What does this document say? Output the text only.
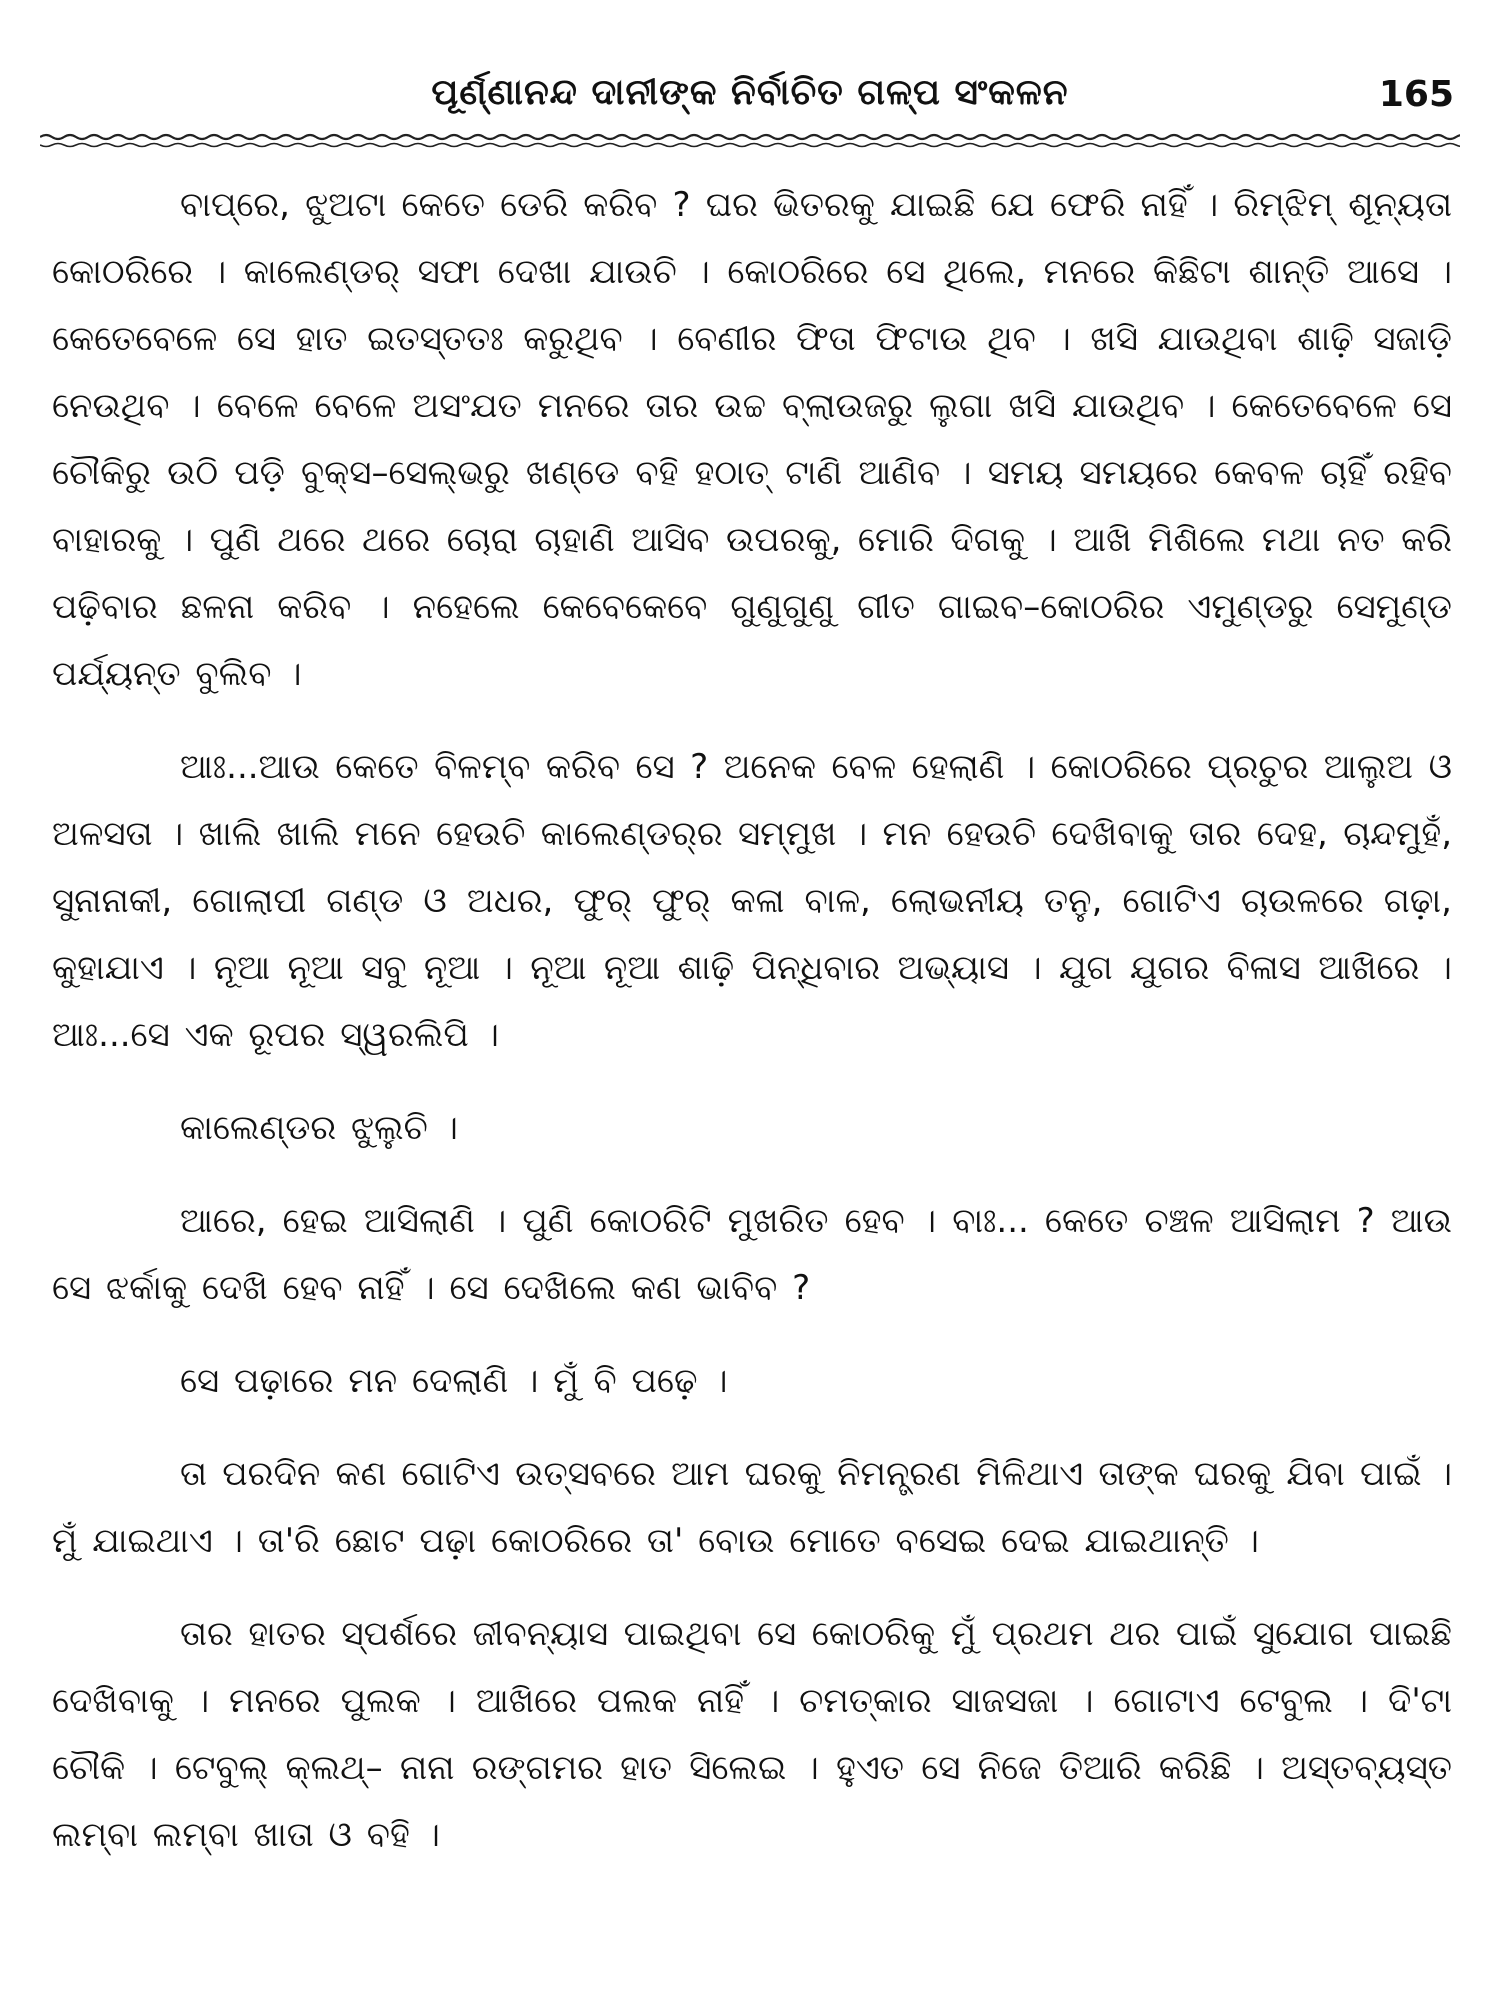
ପୂର୍ଣ୍ଣାନନ୍ଦ ଦାନୀଙ୍କ ନିର୍ବାଚିତ ଗଳ୍ପ ସଂକଳନ	165

ବାପ୍‌ରେ, ଝୁଅଟା କେତେ ଡେରି କରିବ ? ଘର ଭିତରକୁ ଯାଇଛି ଯେ ଫେରି ନାହିଁ । ରିମ୍‌ଝିମ୍ ଶୂନ୍ୟତା କୋଠରିରେ । କାଲେଣ୍ଡର୍ ସଫା ଦେଖା ଯାଉଚି । କୋଠରିରେ ସେ ଥିଲେ, ମନରେ କିଛିଟା ଶାନ୍ତି ଆସେ । କେତେବେଳେ ସେ ହାତ ଇତସ୍ତତଃ କରୁଥିବ । ବେଣୀର ଫିତା ଫିଟାଉ ଥିବ । ଖସି ଯାଉଥିବା ଶାଢ଼ି ସଜାଡ଼ି ନେଉଥିବ । ବେଳେ ବେଳେ ଅସଂଯତ ମନରେ ତାର ଉଚ୍ଚ ବ୍ଲାଉଜରୁ ଲୁଗା ଖସି ଯାଉଥିବ । କେତେବେଳେ ସେ ଚୌକିରୁ ଉଠି ପଡ଼ି ବୁକ୍‌ସ–ସେଲ୍‌ଭରୁ ଖଣ୍ଡେ ବହି ହଠାତ୍ ଟାଣି ଆଣିବ । ସମୟ ସମୟରେ କେବଳ ଚାହିଁ ରହିବ ବାହାରକୁ । ପୁଣି ଥରେ ଥରେ ଚୋରା ଚାହାଣି ଆସିବ ଉପରକୁ, ମୋରି ଦିଗକୁ । ଆଖି ମିଶିଲେ ମଥା ନତ କରି ପଢ଼ିବାର ଛଳନା କରିବ । ନହେଲେ କେବେକେବେ ଗୁଣୁଗୁଣୁ ଗୀତ ଗାଇବ–କୋଠରିର ଏମୁଣ୍ଡରୁ ସେମୁଣ୍ଡ ପର୍ଯ୍ୟନ୍ତ ବୁଲିବ ।

ଆଃ...ଆଉ କେତେ ବିଳମ୍ବ କରିବ ସେ ? ଅନେକ ବେଳ ହେଲାଣି । କୋଠରିରେ ପ୍ରଚୁର ଆଲୁଅ ଓ ଅଳସତା । ଖାଲି ଖାଲି ମନେ ହେଉଚି କାଲେଣ୍ଡର୍‌ର ସମ୍ମୁଖ । ମନ ହେଉଚି ଦେଖିବାକୁ ତାର ଦେହ, ଚାନ୍ଦମୁହଁ, ସୁନାନାକୀ, ଗୋଲାପୀ ଗଣ୍ଡ ଓ ଅଧର, ଫୁର୍ ଫୁର୍ କଳା ବାଳ, ଲୋଭନୀୟ ତନୁ, ଗୋଟିଏ ଚାଉଳରେ ଗଢ଼ା, କୁହାଯାଏ । ନୂଆ ନୂଆ ସବୁ ନୂଆ । ନୂଆ ନୂଆ ଶାଢ଼ି ପିନ୍ଧିବାର ଅଭ୍ୟାସ । ଯୁଗ ଯୁଗର ବିଳାସ ଆଖିରେ । ଆଃ...ସେ ଏକ ରୂପର ସ୍ୱରଲିପି ।

କାଲେଣ୍ଡର ଝୁଲୁଚି ।

ଆରେ, ହେଇ ଆସିଲାଣି । ପୁଣି କୋଠରିଟି ମୁଖରିତ ହେବ । ବାଃ... କେତେ ଚଞ୍ଚଳ ଆସିଲାମ ? ଆଉ ସେ ଝର୍କାକୁ ଦେଖି ହେବ ନାହିଁ । ସେ ଦେଖିଲେ କଣ ଭାବିବ ?

ସେ ପଢ଼ାରେ ମନ ଦେଲାଣି । ମୁଁ ବି ପଢ଼େ ।

ତା ପରଦିନ କଣ ଗୋଟିଏ ଉତ୍ସବରେ ଆମ ଘରକୁ ନିମନ୍ତ୍ରଣ ମିଳିଥାଏ ତାଙ୍କ ଘରକୁ ଯିବା ପାଇଁ । ମୁଁ ଯାଇଥାଏ । ତା'ରି ଛୋଟ ପଢ଼ା କୋଠରିରେ ତା' ବୋଉ ମୋତେ ବସେଇ ଦେଇ ଯାଇଥାନ୍ତି ।

ତାର ହାତର ସ୍ପର୍ଶରେ ଜୀବନ୍ୟାସ ପାଇଥିବା ସେ କୋଠରିକୁ ମୁଁ ପ୍ରଥମ ଥର ପାଇଁ ସୁଯୋଗ ପାଇଛି ଦେଖିବାକୁ । ମନରେ ପୁଲକ । ଆଖିରେ ପଲକ ନାହିଁ । ଚମତ୍କାର ସାଜସଜା । ଗୋଟାଏ ଟେବୁଲ । ଦି'ଟା ଚୌକି । ଟେବୁଲ୍ କ୍ଲଥ୍– ନାନା ରଙ୍ଗମର ହାତ ସିଲେଇ । ହୁଏତ ସେ ନିଜେ ତିଆରି କରିଛି । ଅସ୍ତବ୍ୟସ୍ତ ଲମ୍ବା ଲମ୍ବା ଖାତା ଓ ବହି ।
